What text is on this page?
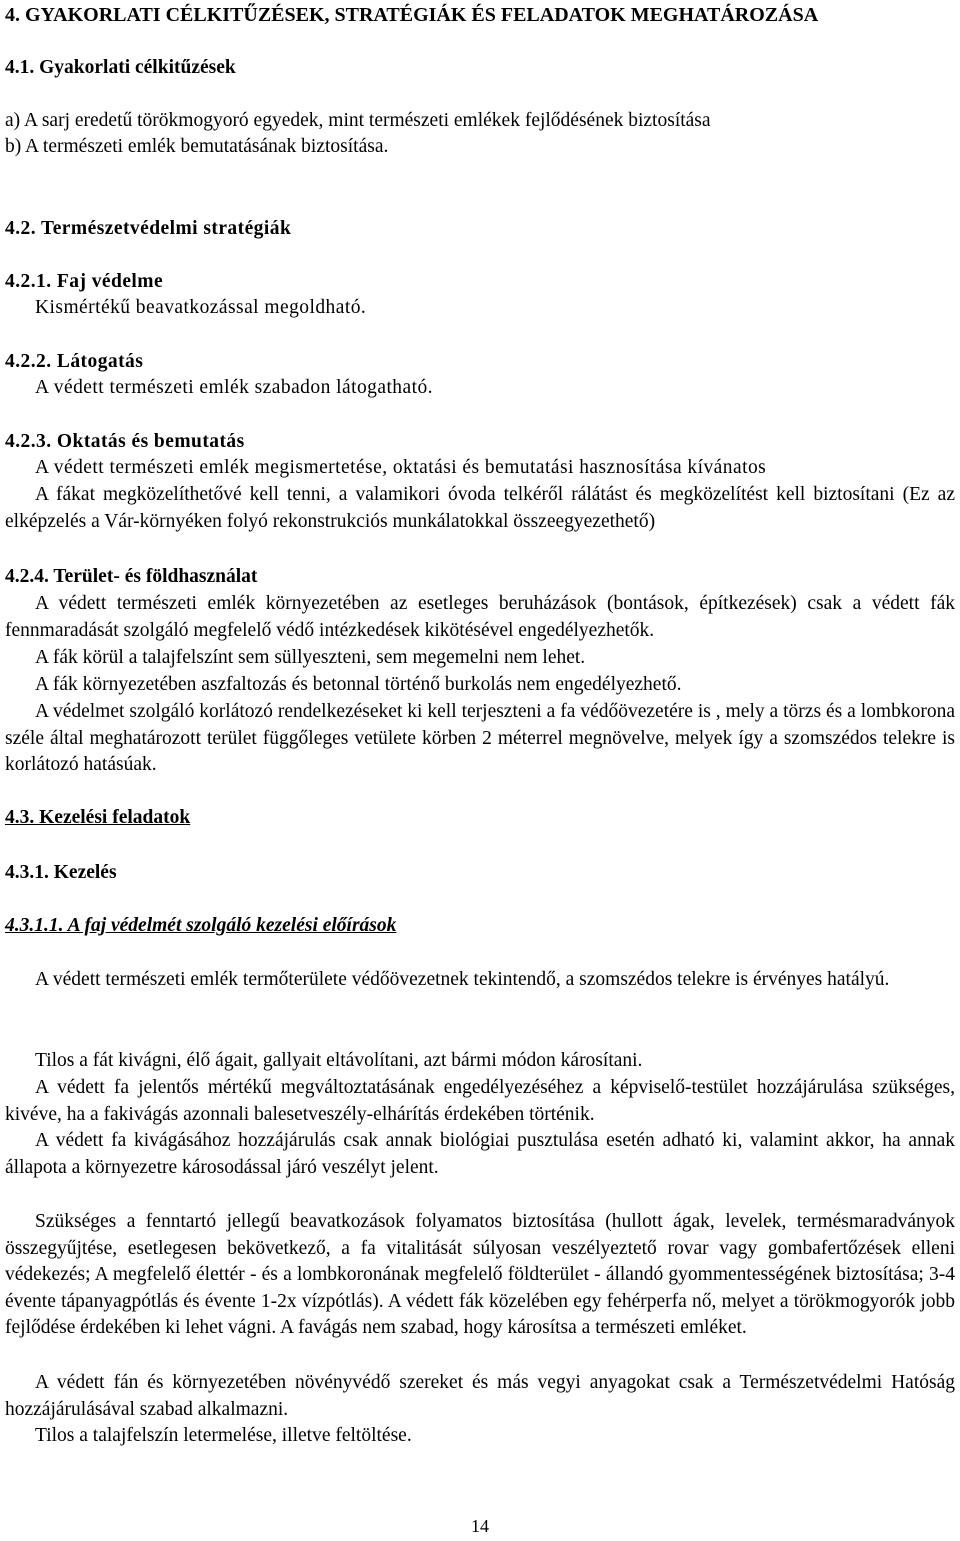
4. GYAKORLATI CÉLKITŰZÉSEK, STRATÉGIÁK ÉS FELADATOK MEGHATÁROZÁSA
4.1. Gyakorlati célkitűzések
a) A sarj eredetű törökmogyoró egyedek, mint természeti emlékek fejlődésének biztosítása
b) A természeti emlék bemutatásának biztosítása.
4.2. Természetvédelmi stratégiák
4.2.1. Faj védelme
Kismértékű beavatkozással megoldható.
4.2.2. Látogatás
A védett természeti emlék szabadon látogatható.
4.2.3. Oktatás és bemutatás
A védett természeti emlék megismertetése, oktatási és bemutatási hasznosítása kívánatos
A fákat megközelíthetővé kell tenni, a valamikori óvoda telkéről rálátást és megközelítést kell biztosítani (Ez az elképzelés a Vár-környéken folyó rekonstrukciós munkálatokkal összeegyezethető)
4.2.4. Terület- és földhasználat
A védett természeti emlék környezetében az esetleges beruházások (bontások, építkezések) csak a védett fák fennmaradását szolgáló megfelelő védő intézkedések kikötésével engedélyezhetők.
A fák körül a talajfelszínt sem süllyeszteni, sem megemelni nem lehet.
A fák környezetében aszfaltozás és betonnal történő burkolás nem engedélyezhető.
A védelmet szolgáló korlátozó rendelkezéseket ki kell terjeszteni a fa védőövezetére is , mely a törzs és a lombkorona széle által meghatározott terület függőleges vetülete körben 2 méterrel megnövelve, melyek így a szomszédos telekre is korlátozó hatásúak.
4.3. Kezelési feladatok
4.3.1. Kezelés
4.3.1.1. A faj védelmét szolgáló kezelési előírások
A védett természeti emlék termőterülete védőövezetnek tekintendő, a szomszédos telekre is érvényes hatályú.
Tilos a fát kivágni, élő ágait, gallyait eltávolítani, azt bármi módon károsítani.
A védett fa jelentős mértékű megváltoztatásának engedélyezéséhez a képviselő-testület hozzájárulása szükséges, kivéve, ha a fakivágás azonnali balesetveszély-elhárítás érdekében történik.
A védett fa kivágásához hozzájárulás csak annak biológiai pusztulása esetén adható ki, valamint akkor, ha annak állapota a környezetre károsodással járó veszélyt jelent.
Szükséges a fenntartó jellegű beavatkozások folyamatos biztosítása (hullott ágak, levelek, termésmaradványok összegyűjtése, esetlegesen bekövetkező, a fa vitalitását súlyosan veszélyeztető rovar vagy gombafertőzések elleni védekezés; A megfelelő élettér - és a lombkoronának megfelelő földterület - állandó gyommentességének biztosítása; 3-4 évente tápanyagpótlás és évente 1-2x vízpótlás). A védett fák közelében egy fehérperfa nő, melyet a törökmogyorók jobb fejlődése érdekében ki lehet vágni. A favágás nem szabad, hogy károsítsa a természeti emléket.
A védett fán és környezetében növényvédő szereket és más vegyi anyagokat csak a Természetvédelmi Hatóság hozzájárulásával szabad alkalmazni.
Tilos a talajfelszín letermelése, illetve feltöltése.
14
